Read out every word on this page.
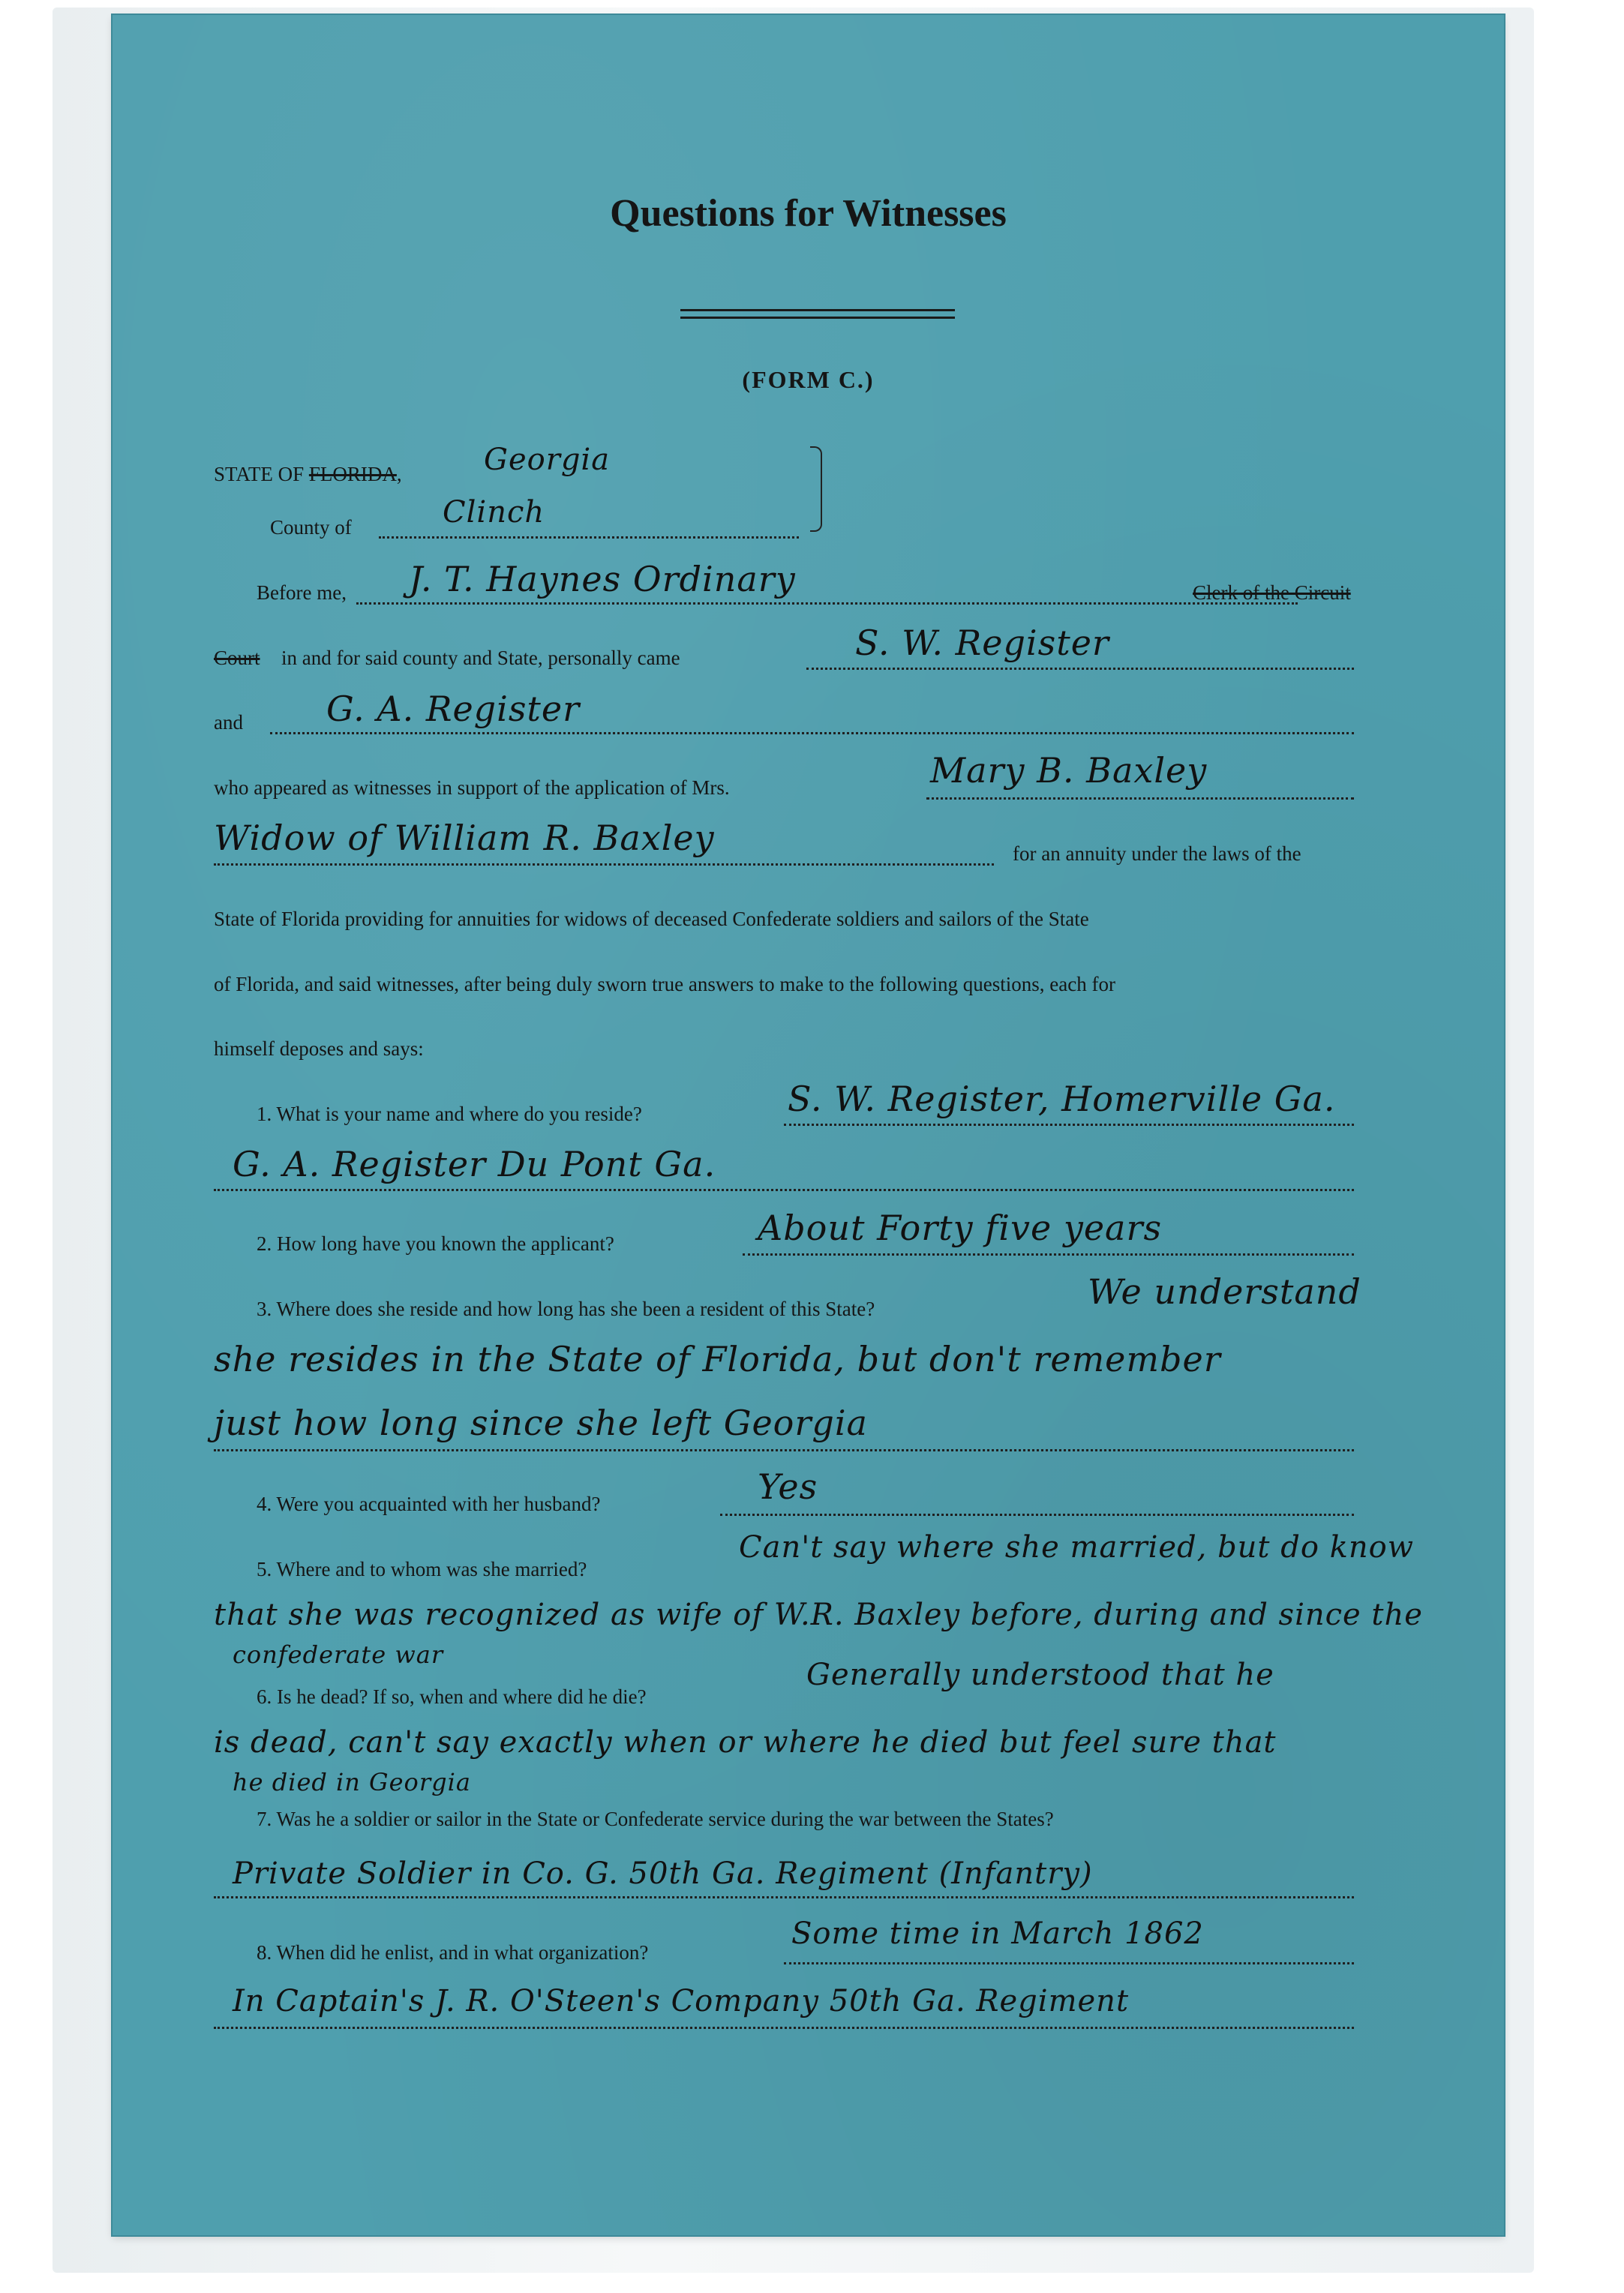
Questions for Witnesses
(FORM C.)
STATE OF FLORIDA,	Georgia
County of	Clinch
Before me, J. T. Haynes Ordinary	Clerk of the Circuit
Court in and for said county and State, personally came	S. W. Register
and G. A. Register
who appeared as witnesses in support of the application of Mrs.	Mary B. Baxley
Widow of William R. Baxley	for an annuity under the laws of the
State of Florida providing for annuities for widows of deceased Confederate soldiers and sailors of the State
of Florida, and said witnesses, after being duly sworn true answers to make to the following questions, each for
himself deposes and says:
1. What is your name and where do you reside?	S. W. Register, Homerville Ga.
G. A. Register Du Pont Ga.
2. How long have you known the applicant?	About Forty five years
3. Where does she reside and how long has she been a resident of this State?	We understand
she resides in the State of Florida, but don't remember
just how long since she left Georgia
4. Were you acquainted with her husband?	Yes
5. Where and to whom was she married?
Can't say where she married, but do know
that she was recognized as wife of W.R. Baxley before, during and since the
confederate war
6. Is he dead? If so, when and where did he die?
Generally understood that he
is dead, can't say exactly when or where he died but feel sure that
he died in Georgia
7. Was he a soldier or sailor in the State or Confederate service during the war between the States?
Private Soldier in Co. G. 50th Ga. Regiment (Infantry)
8. When did he enlist, and in what organization?
Some time in March 1862
In Captain's J. R. O'Steen's Company 50th Ga. Regiment
